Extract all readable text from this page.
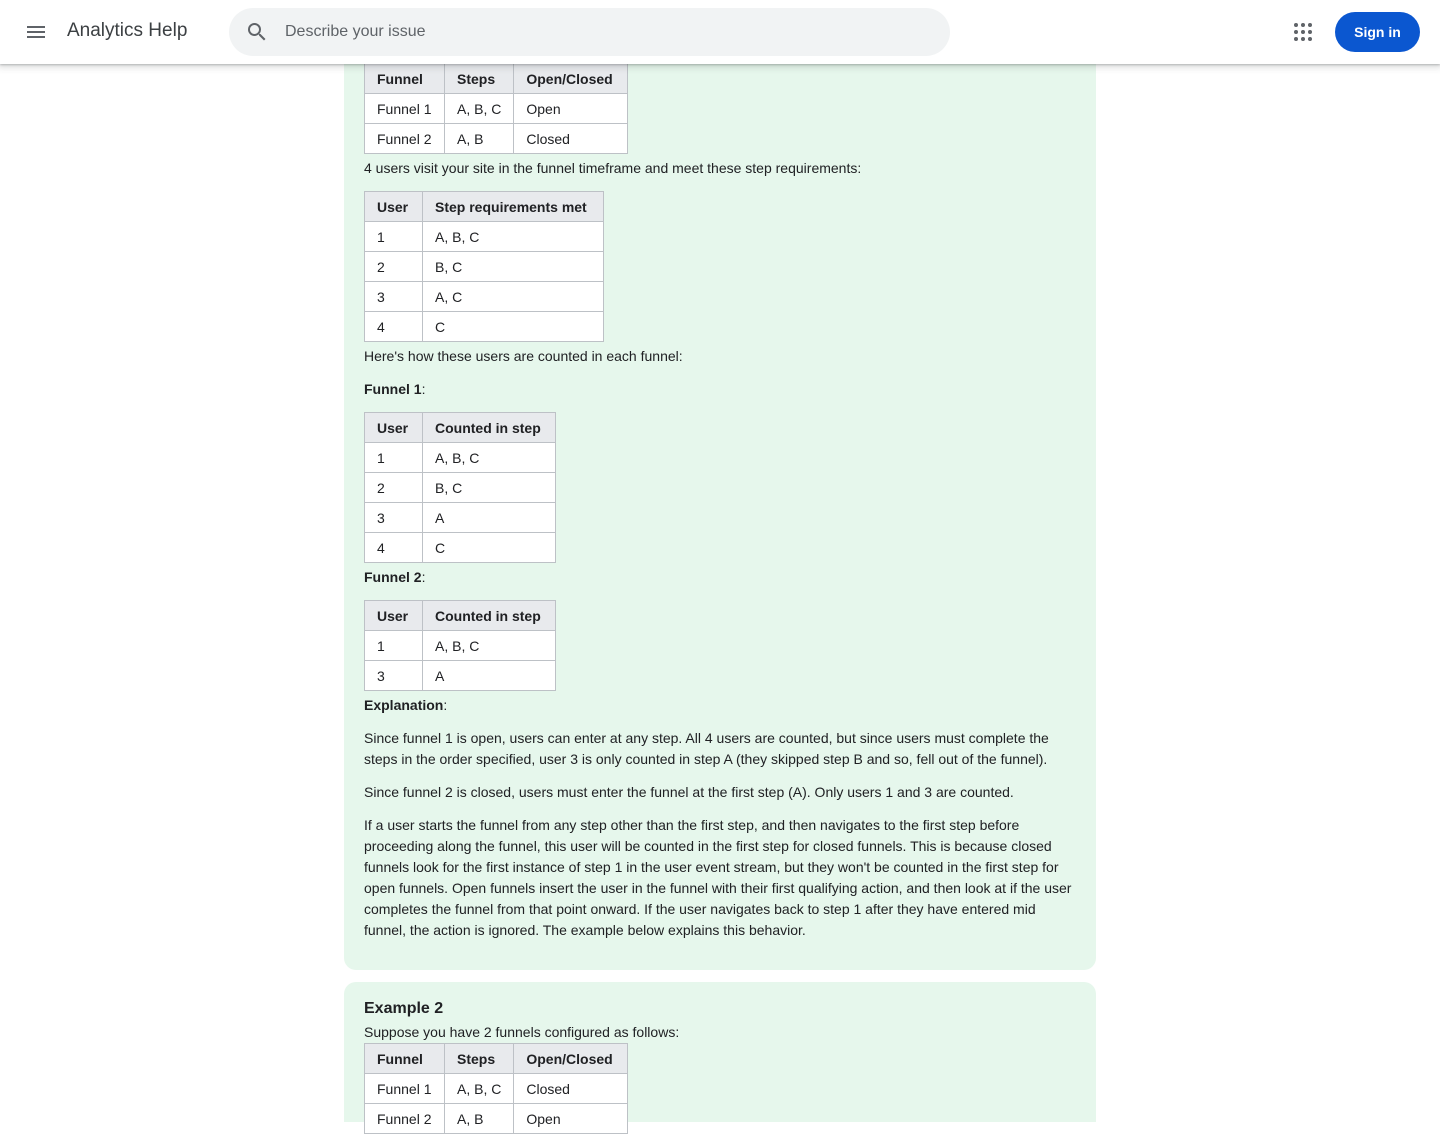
Analytics Help
Describe your issue	Sign in
Funnel	Steps	Open/Closed
Funnel 1	A, B, C	Open
Funnel 2	A, B	Closed

4 users visit your site in the funnel timeframe and meet these step requirements:

User	Step requirements met
1	A, B, C
2	B, C
3	A, C
4	C

Here's how these users are counted in each funnel:

Funnel 1:

User	Counted in step
1	A, B, C
2	B, C
3	A
4	C

Funnel 2:

User	Counted in step
1	A, B, C
3	A

Explanation:

Since funnel 1 is open, users can enter at any step. All 4 users are counted, but since users must complete the steps in the order specified, user 3 is only counted in step A (they skipped step B and so, fell out of the funnel).

Since funnel 2 is closed, users must enter the funnel at the first step (A). Only users 1 and 3 are counted.

If a user starts the funnel from any step other than the first step, and then navigates to the first step before proceeding along the funnel, this user will be counted in the first step for closed funnels. This is because closed funnels look for the first instance of step 1 in the user event stream, but they won't be counted in the first step for open funnels. Open funnels insert the user in the funnel with their first qualifying action, and then look at if the user completes the funnel from that point onward. If the user navigates back to step 1 after they have entered mid funnel, the action is ignored. The example below explains this behavior.

Example 2

Suppose you have 2 funnels configured as follows:

Funnel	Steps	Open/Closed
Funnel 1	A, B, C	Closed
Funnel 2	A, B	Open
